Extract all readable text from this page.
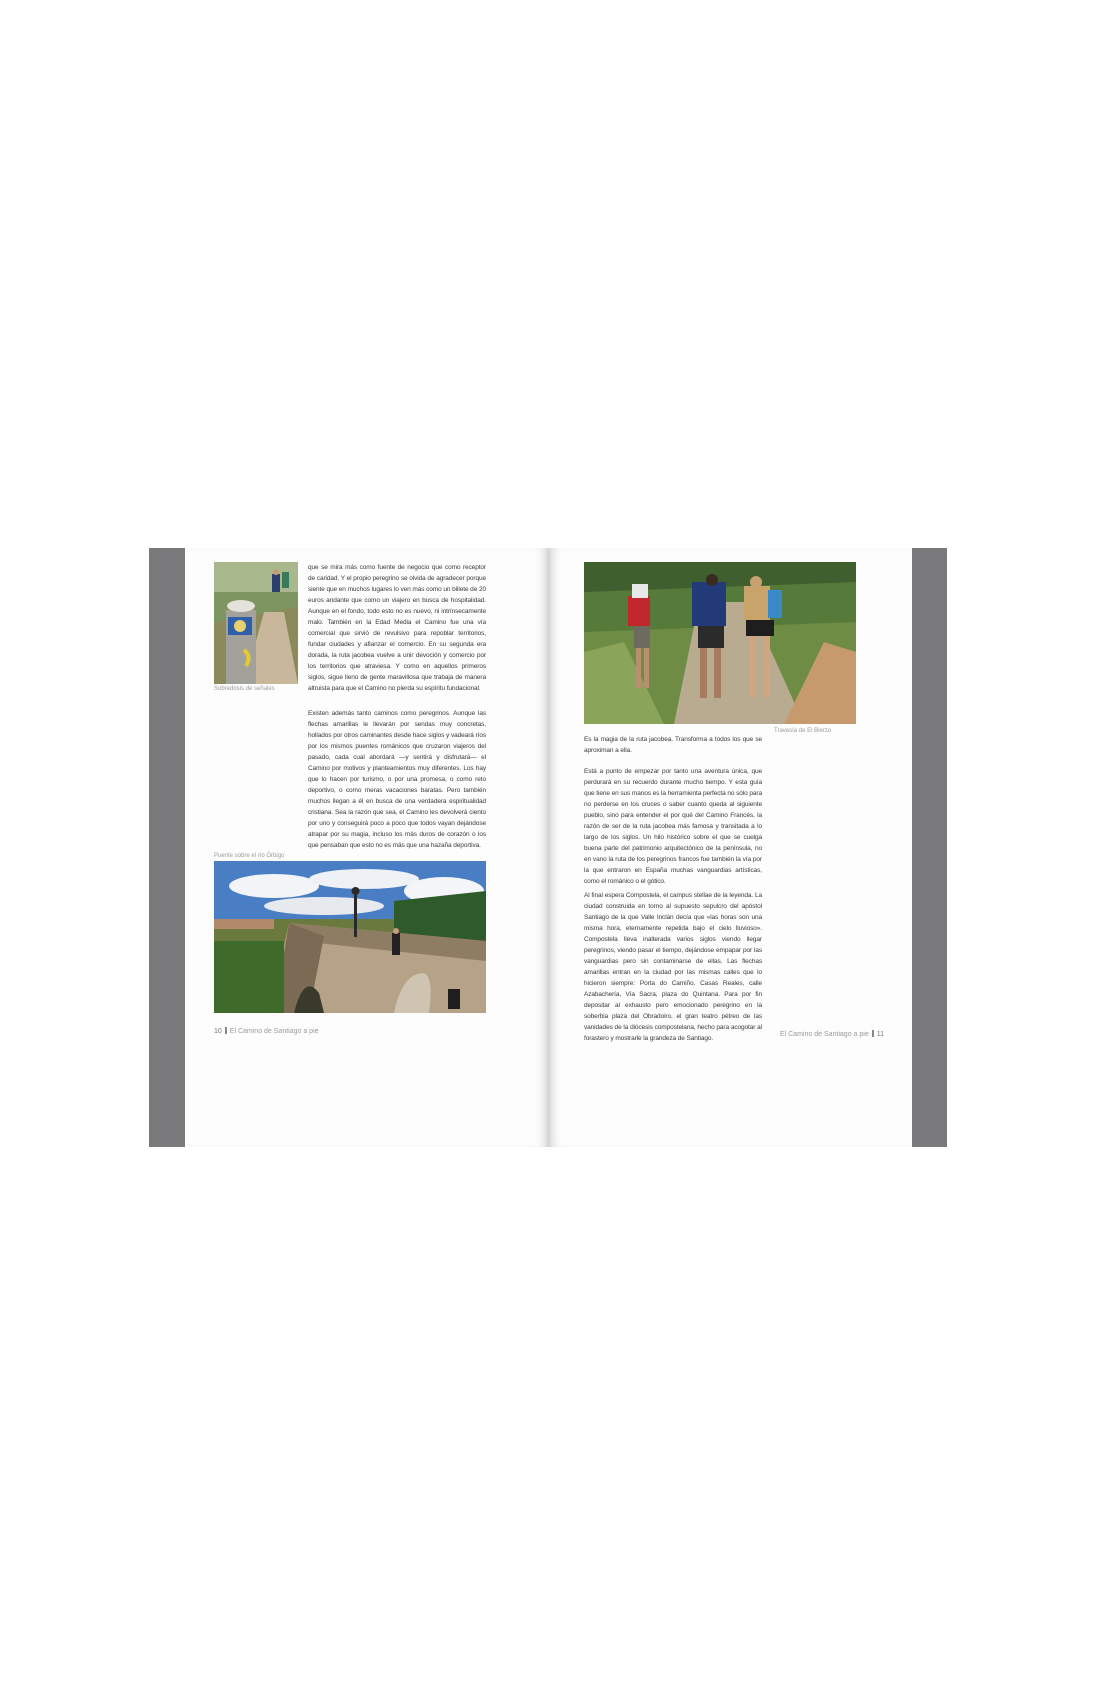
Sobredosis de señales

que se mira más como fuente de negocio que como receptor de caridad. Y el propio peregrino se olvida de agradecer porque siente que en muchos lugares lo ven más como un billete de 20 euros andante que como un viajero en busca de hospitalidad. Aunque en el fondo, todo esto no es nuevo, ni intrínsecamente malo. También en la Edad Media el Camino fue una vía comercial que sirvió de revulsivo para repoblar territorios, fundar ciudades y afianzar el comercio. En su segunda era dorada, la ruta jacobea vuelve a unir devoción y comercio por los territorios que atraviesa. Y como en aquellos primeros siglos, sigue lleno de gente maravillosa que trabaja de manera altruista para que el Camino no pierda su espíritu fundacional.

Existen además tanto caminos como peregrinos. Aunque las flechas amarillas le llevarán por sendas muy concretas, hollados por otros caminantes desde hace siglos y vadeará ríos por los mismos puentes románicos que cruzaron viajeros del pasado, cada cual abordará —y sentirá y disfrutará— el Camino por motivos y planteamientos muy diferentes. Los hay que lo hacen por turismo, o por una promesa, o como reto deportivo, o como meras vacaciones baratas. Pero también muchos llegan a él en busca de una verdadera espiritualidad cristiana. Sea la razón que sea, el Camino les devolverá ciento por uno y conseguirá poco a poco que todos vayan dejándose atrapar por su magia, incluso los más duros de corazón o los que pensaban que esto no es más que una hazaña deportiva.

Puente sobre el río Órbigo
10 El Camino de Santiago a pie
Travesía de El Bierzo

Es la magia de la ruta jacobea. Transforma a todos los que se aproximan a ella.

Está a punto de empezar por tanto una aventura única, que perdurará en su recuerdo durante mucho tiempo. Y esta guía que tiene en sus manos es la herramienta perfecta no sólo para no perderse en los cruces o saber cuanto queda al siguiente pueblo, sino para entender el por qué del Camino Francés, la razón de ser de la ruta jacobea más famosa y transitada a lo largo de los siglos. Un hilo histórico sobre el que se cuelga buena parte del patrimonio arquitectónico de la península, no en vano la ruta de los peregrinos francos fue también la vía por la que entraron en España muchas vanguardias artísticas, como el románico o el gótico.

Al final espera Compostela, el campus stellae de la leyenda. La ciudad construida en torno al supuesto sepulcro del apóstol Santiago de la que Valle Inclán decía que «las horas son una misma hora, eternamente repetida bajo el cielo lluvioso». Compostela lleva inalterada varios siglos viendo llegar peregrinos, viendo pasar el tiempo, dejándose empapar por las vanguardias pero sin contaminarse de ellas. Las flechas amarillas entran en la ciudad por las mismas calles que lo hicieron siempre: Porta do Camiño, Casas Reales, calle Azabachería, Vía Sacra, plaza do Quintana. Para por fin depositar al exhausto pero emocionado peregrino en la soberbia plaza del Obradoiro, el gran teatro pétreo de las vanidades de la diócesis compostelana, hecho para acogotar al forastero y mostrarle la grandeza de Santiago.

El Camino de Santiago a pie 11
